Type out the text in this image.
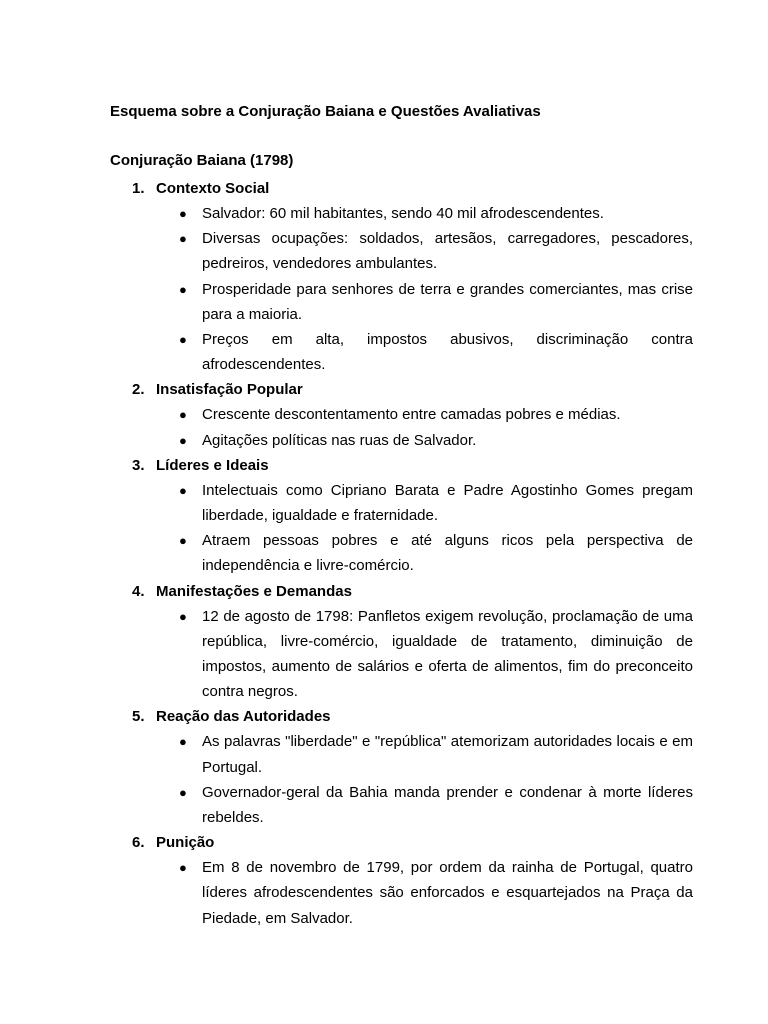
Esquema sobre a Conjuração Baiana e Questões Avaliativas
Conjuração Baiana (1798)
1. Contexto Social
● Salvador: 60 mil habitantes, sendo 40 mil afrodescendentes.
● Diversas ocupações: soldados, artesãos, carregadores, pescadores, pedreiros, vendedores ambulantes.
● Prosperidade para senhores de terra e grandes comerciantes, mas crise para a maioria.
● Preços em alta, impostos abusivos, discriminação contra afrodescendentes.
2. Insatisfação Popular
● Crescente descontentamento entre camadas pobres e médias.
● Agitações políticas nas ruas de Salvador.
3. Líderes e Ideais
● Intelectuais como Cipriano Barata e Padre Agostinho Gomes pregam liberdade, igualdade e fraternidade.
● Atraem pessoas pobres e até alguns ricos pela perspectiva de independência e livre-comércio.
4. Manifestações e Demandas
● 12 de agosto de 1798: Panfletos exigem revolução, proclamação de uma república, livre-comércio, igualdade de tratamento, diminuição de impostos, aumento de salários e oferta de alimentos, fim do preconceito contra negros.
5. Reação das Autoridades
● As palavras "liberdade" e "república" atemorizam autoridades locais e em Portugal.
● Governador-geral da Bahia manda prender e condenar à morte líderes rebeldes.
6. Punição
● Em 8 de novembro de 1799, por ordem da rainha de Portugal, quatro líderes afrodescendentes são enforcados e esquartejados na Praça da Piedade, em Salvador.
